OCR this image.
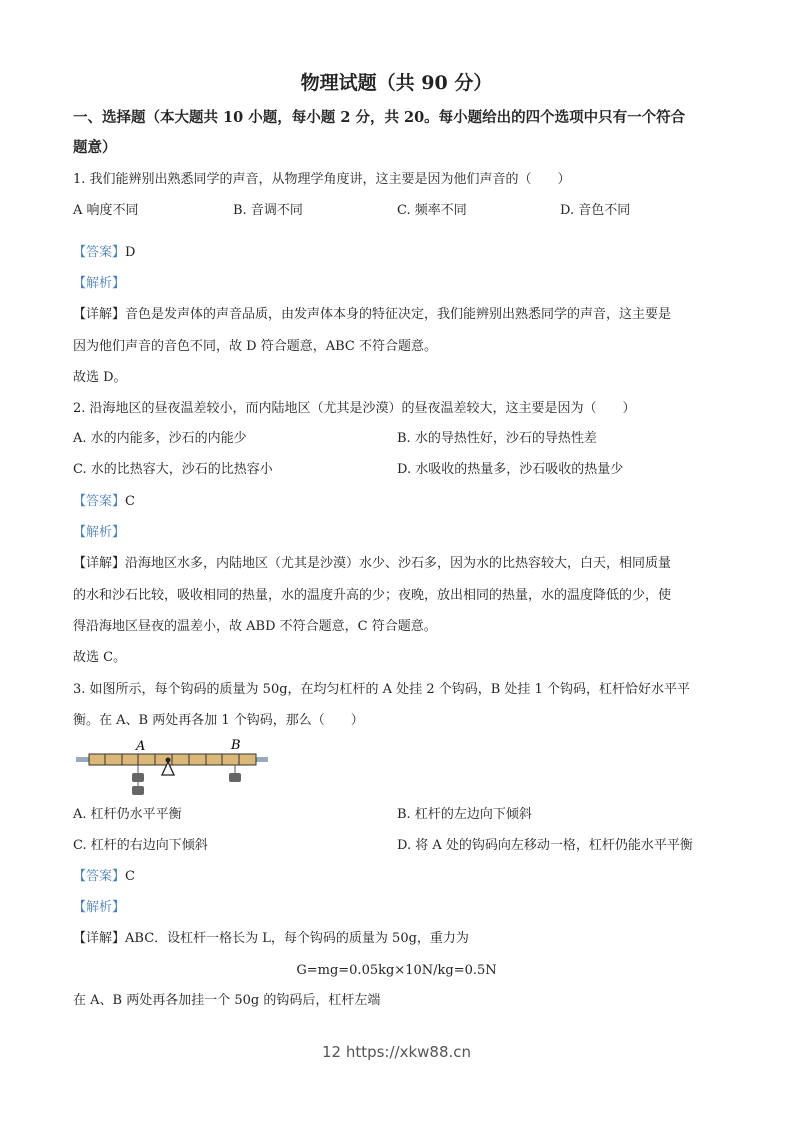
物理试题（共 90 分）
一、选择题（本大题共 10 小题，每小题 2 分，共 20。每小题给出的四个选项中只有一个符合
题意）
1. 我们能辨别出熟悉同学的声音，从物理学角度讲，这主要是因为他们声音的（　　）
A 响度不同	B. 音调不同	C. 频率不同	D. 音色不同
【答案】D
【解析】
【详解】音色是发声体的声音品质，由发声体本身的特征决定，我们能辨别出熟悉同学的声音，这主要是
因为他们声音的音色不同，故 D 符合题意，ABC 不符合题意。
故选 D。
2. 沿海地区的昼夜温差较小，而内陆地区（尤其是沙漠）的昼夜温差较大，这主要是因为（　　）
A. 水的内能多，沙石的内能少	B. 水的导热性好，沙石的导热性差
C. 水的比热容大，沙石的比热容小	D. 水吸收的热量多，沙石吸收的热量少
【答案】C
【解析】
【详解】沿海地区水多，内陆地区（尤其是沙漠）水少、沙石多，因为水的比热容较大，白天，相同质量
的水和沙石比较，吸收相同的热量，水的温度升高的少；夜晚，放出相同的热量，水的温度降低的少，使
得沿海地区昼夜的温差小，故 ABD 不符合题意，C 符合题意。
故选 C。
3. 如图所示，每个钩码的质量为 50g，在均匀杠杆的 A 处挂 2 个钩码，B 处挂 1 个钩码，杠杆恰好水平平
衡。在 A、B 两处再各加 1 个钩码，那么（　　）
A	B
A. 杠杆仍水平平衡	B. 杠杆的左边向下倾斜
C. 杠杆的右边向下倾斜	D. 将 A 处的钩码向左移动一格，杠杆仍能水平平衡
【答案】C
【解析】
【详解】ABC．设杠杆一格长为 L，每个钩码的质量为 50g，重力为
G=mg=0.05kg×10N/kg=0.5N
在 A、B 两处再各加挂一个 50g 的钩码后，杠杆左端
12 https://xkw88.cn
